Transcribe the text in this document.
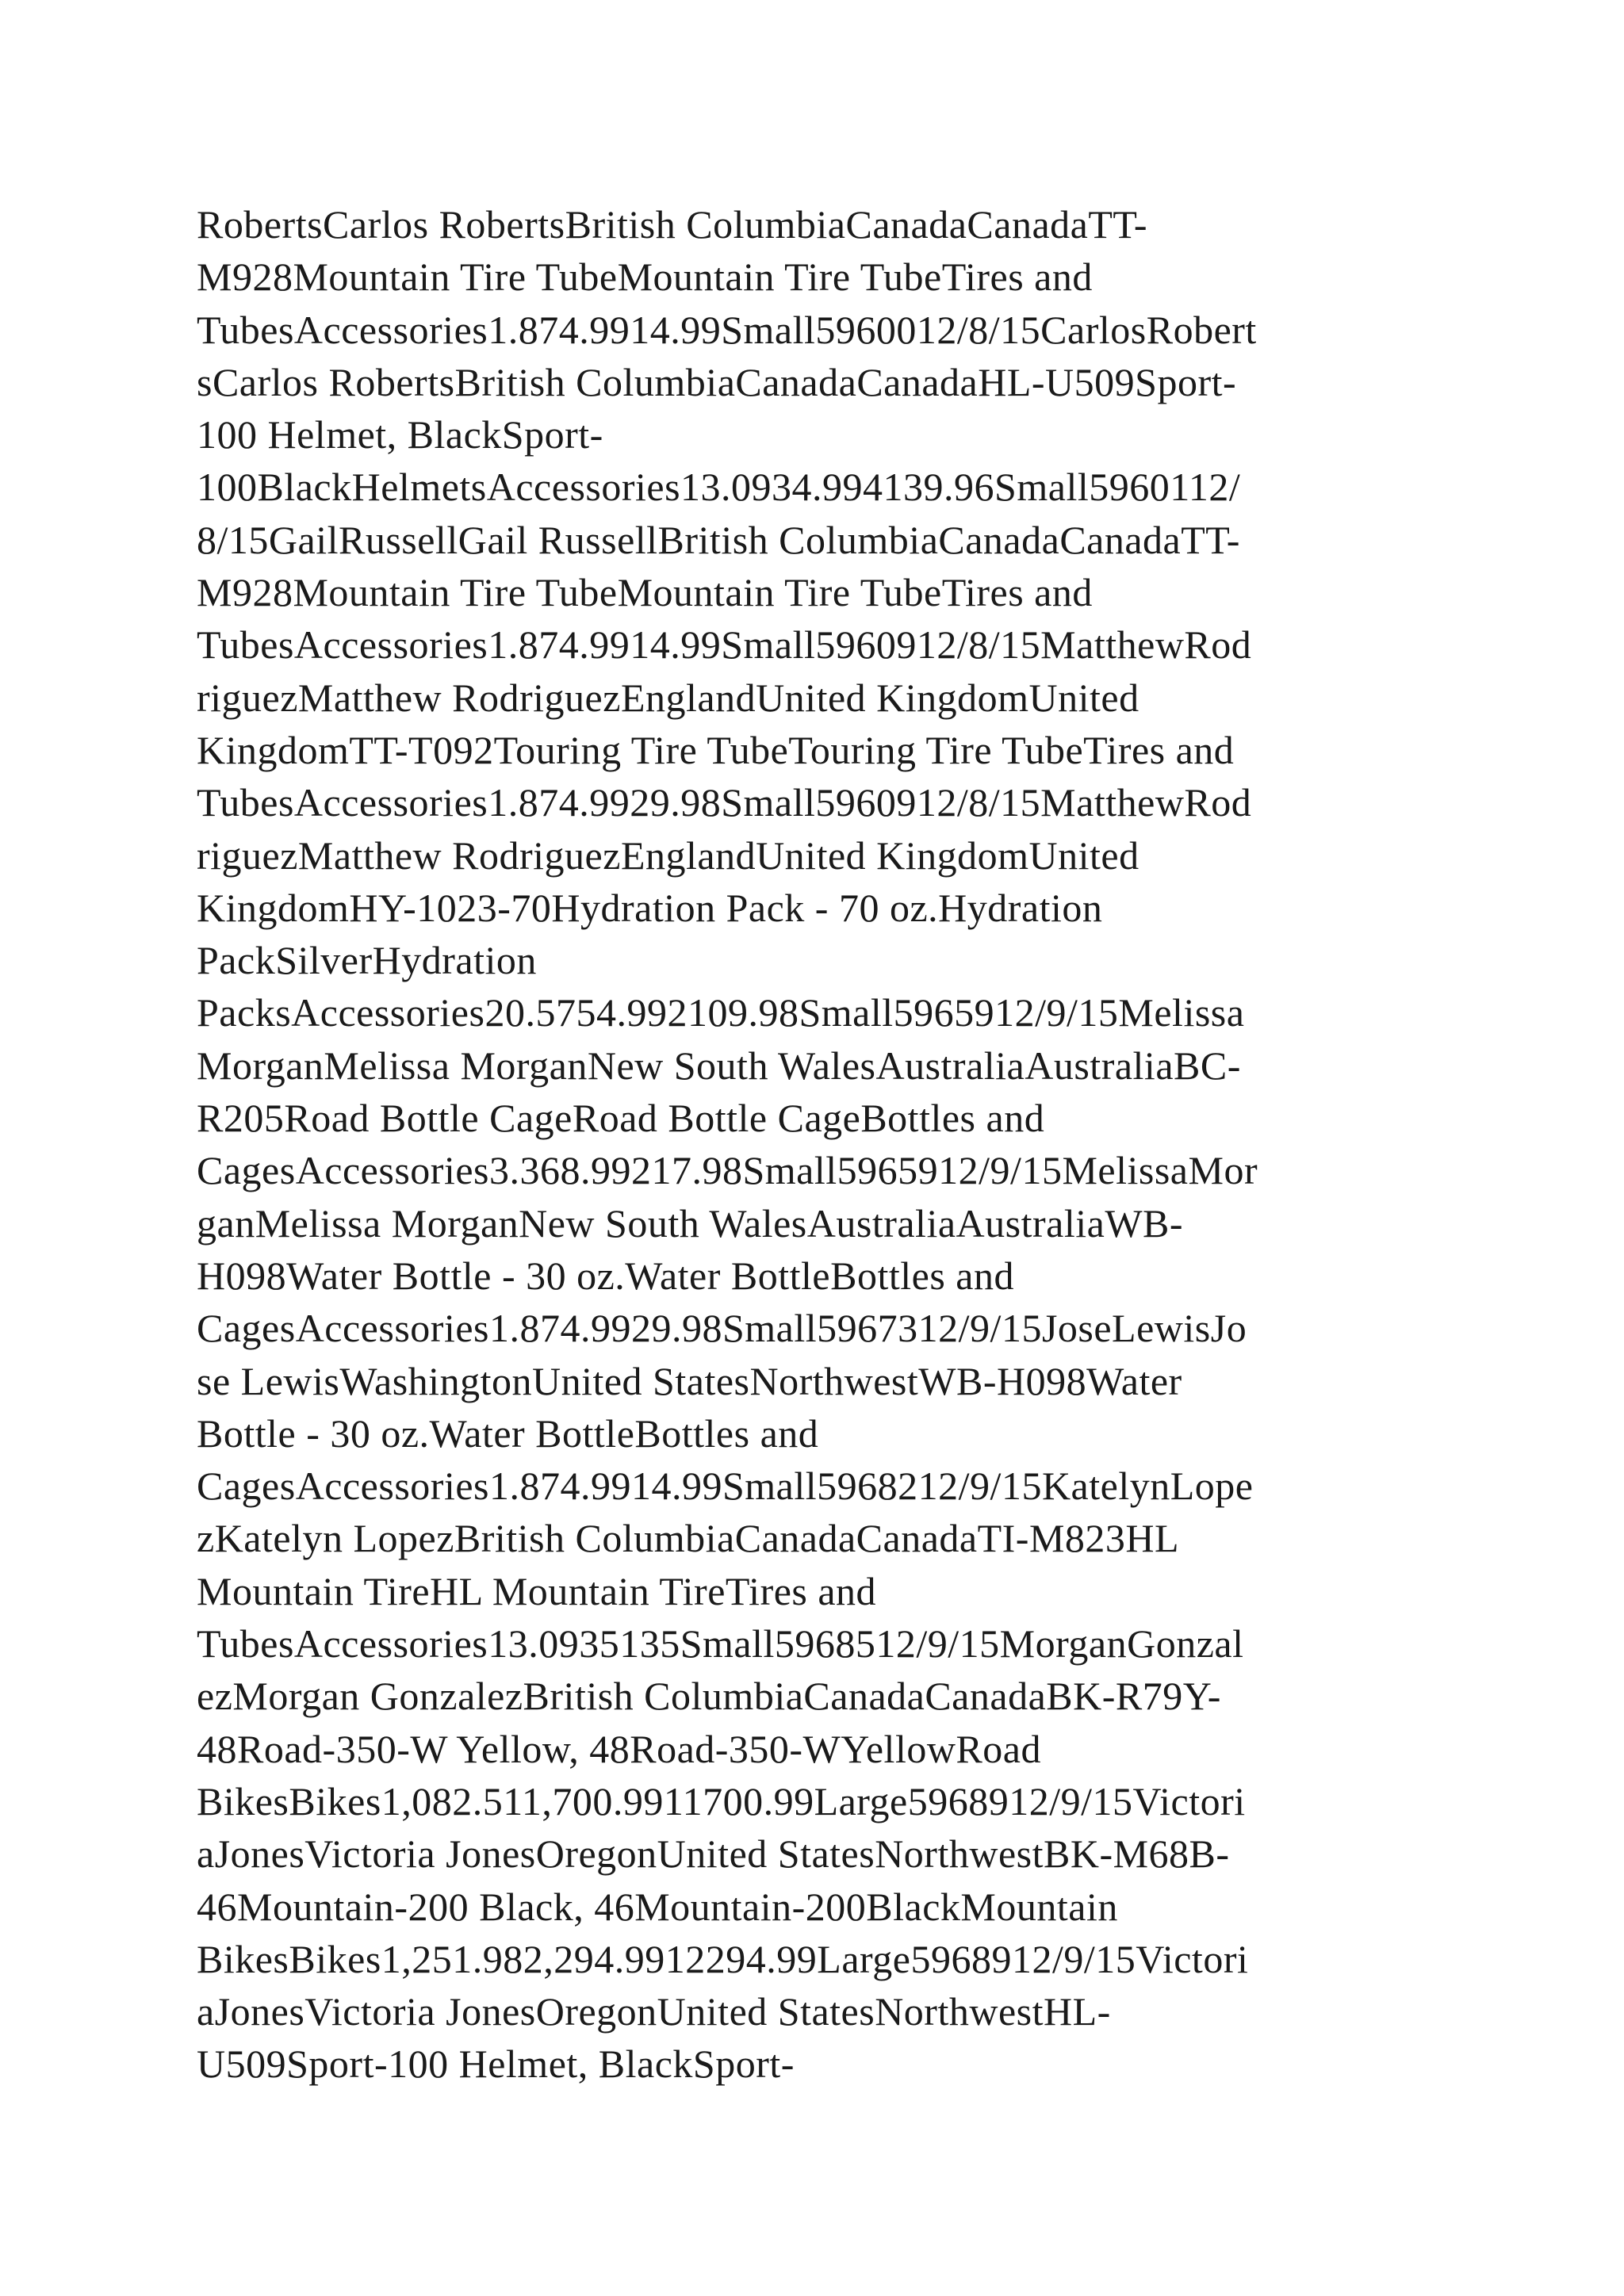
RobertsCarlos RobertsBritish ColumbiaCanadaCanadaTT-
M928Mountain Tire TubeMountain Tire TubeTires and
TubesAccessories1.874.9914.99Small5960012/8/15CarlosRobert
sCarlos RobertsBritish ColumbiaCanadaCanadaHL-U509Sport-
100 Helmet, BlackSport-
100BlackHelmetsAccessories13.0934.994139.96Small5960112/
8/15GailRussellGail RussellBritish ColumbiaCanadaCanadaTT-
M928Mountain Tire TubeMountain Tire TubeTires and
TubesAccessories1.874.9914.99Small5960912/8/15MatthewRod
riguezMatthew RodriguezEnglandUnited KingdomUnited
KingdomTT-T092Touring Tire TubeTouring Tire TubeTires and
TubesAccessories1.874.9929.98Small5960912/8/15MatthewRod
riguezMatthew RodriguezEnglandUnited KingdomUnited
KingdomHY-1023-70Hydration Pack - 70 oz.Hydration
PackSilverHydration
PacksAccessories20.5754.992109.98Small5965912/9/15Melissa
MorganMelissa MorganNew South WalesAustraliaAustraliaBC-
R205Road Bottle CageRoad Bottle CageBottles and
CagesAccessories3.368.99217.98Small5965912/9/15MelissaMor
ganMelissa MorganNew South WalesAustraliaAustraliaWB-
H098Water Bottle - 30 oz.Water BottleBottles and
CagesAccessories1.874.9929.98Small5967312/9/15JoseLewisJo
se LewisWashingtonUnited StatesNorthwestWB-H098Water
Bottle - 30 oz.Water BottleBottles and
CagesAccessories1.874.9914.99Small5968212/9/15KatelynLope
zKatelyn LopezBritish ColumbiaCanadaCanadaTI-M823HL
Mountain TireHL Mountain TireTires and
TubesAccessories13.0935135Small5968512/9/15MorganGonzal
ezMorgan GonzalezBritish ColumbiaCanadaCanadaBK-R79Y-
48Road-350-W Yellow, 48Road-350-WYellowRoad
BikesBikes1,082.511,700.9911700.99Large5968912/9/15Victori
aJonesVictoria JonesOregonUnited StatesNorthwestBK-M68B-
46Mountain-200 Black, 46Mountain-200BlackMountain
BikesBikes1,251.982,294.9912294.99Large5968912/9/15Victori
aJonesVictoria JonesOregonUnited StatesNorthwestHL-
U509Sport-100 Helmet, BlackSport-
